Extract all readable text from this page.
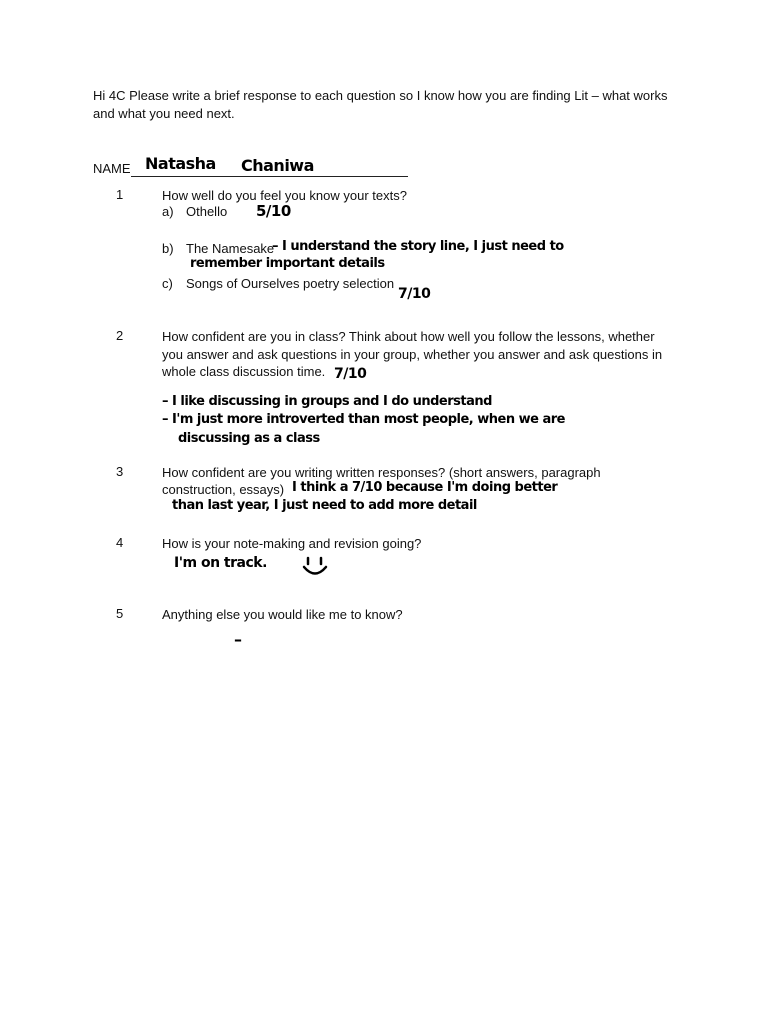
Hi 4C Please write a brief response to each question so I know how you are finding Lit – what works and what you need next.
NAME Natasha Chaniwa
1	How well do you feel you know your texts?
a) Othello 5/10
b) The Namesake
– I understand the story line, I just need to
remember important details
c) Songs of Ourselves poetry selection
7/10
2	How confident are you in class? Think about how well you follow the lessons, whether you answer and ask questions in your group, whether you answer and ask questions in whole class discussion time. 7/10
– I like discussing in groups and I do understand
– I'm just more introverted than most people, when we are
discussing as a class
3	How confident are you writing written responses? (short answers, paragraph
construction, essays) I think a 7/10 because I'm doing better
than last year, I just need to add more detail
4	How is your note-making and revision going?
I'm on track.
5	Anything else you would like me to know?
–
